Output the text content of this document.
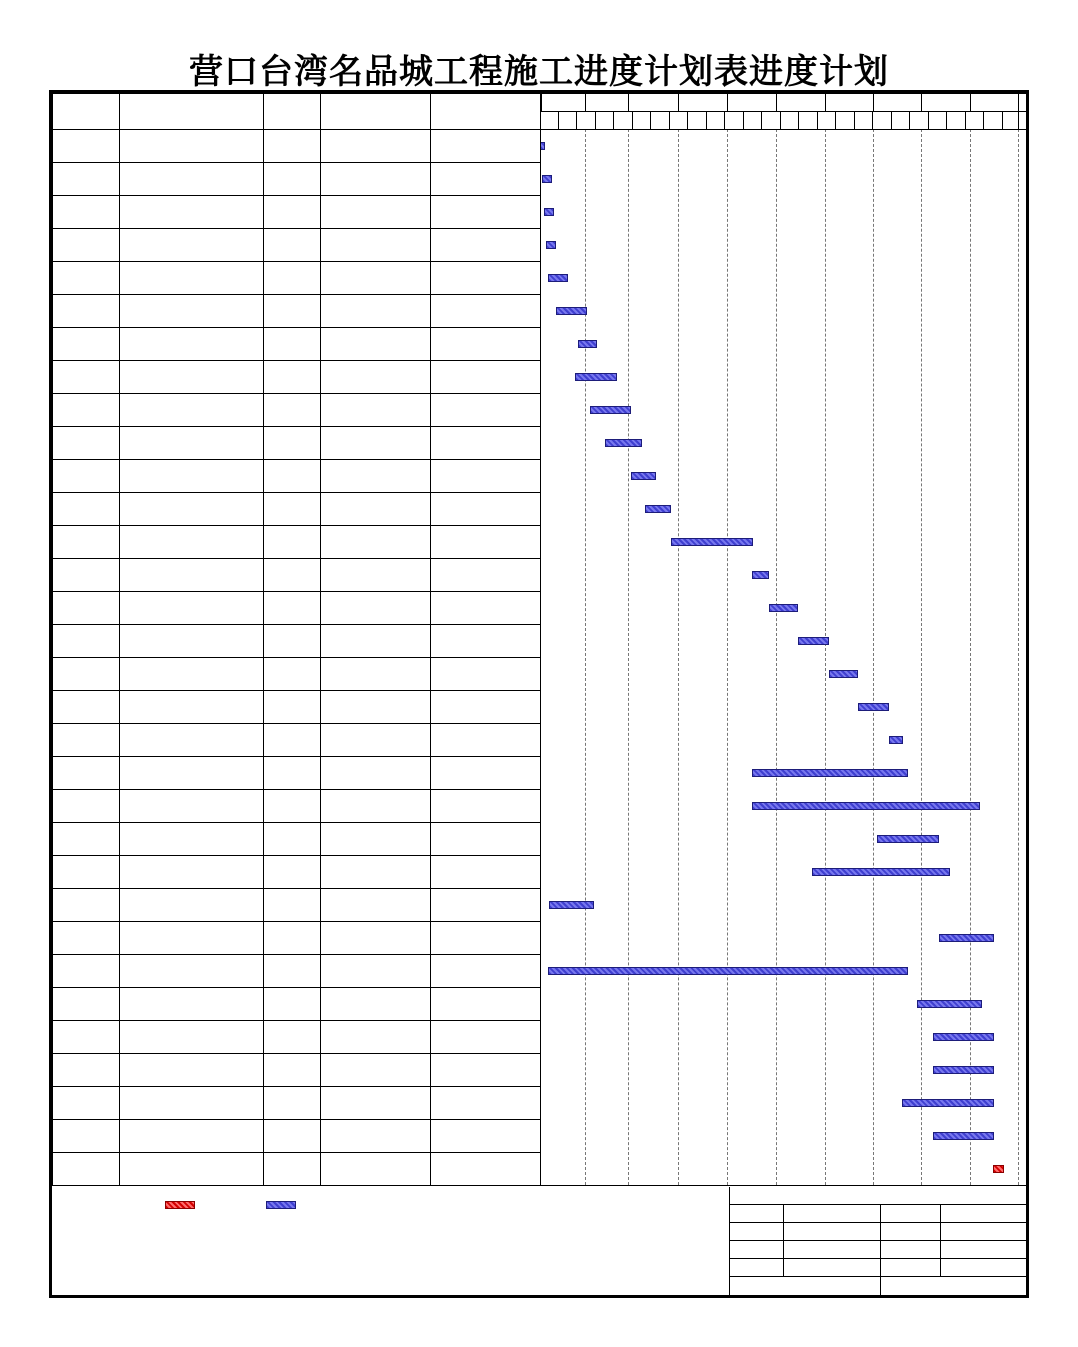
营口台湾名品城工程施工进度计划表进度计划
